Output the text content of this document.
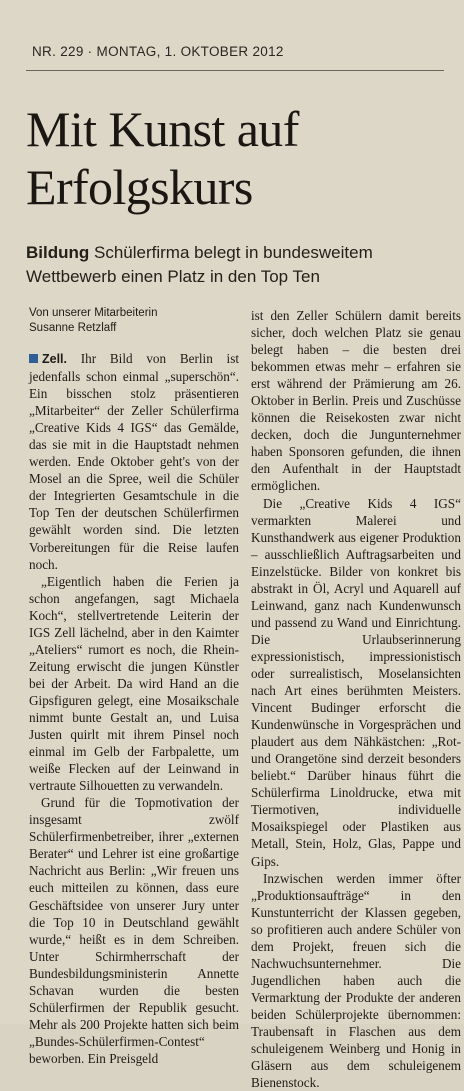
NR. 229 · MONTAG, 1. OKTOBER 2012
Mit Kunst auf
Erfolgskurs

Bildung Schülerfirma belegt in bundesweitem Wettbewerb einen Platz in den Top Ten

Von unserer Mitarbeiterin
Susanne Retzlaff

Zell. Ihr Bild von Berlin ist jedenfalls schon einmal „superschön“. Ein bisschen stolz präsentieren „Mitarbeiter“ der Zeller Schülerfirma „Creative Kids 4 IGS“ das Gemälde, das sie mit in die Hauptstadt nehmen werden. Ende Oktober geht's von der Mosel an die Spree, weil die Schüler der Integrierten Gesamtschule in die Top Ten der deutschen Schülerfirmen gewählt worden sind. Die letzten Vorbereitungen für die Reise laufen noch.

„Eigentlich haben die Ferien ja schon angefangen, sagt Michaela Koch“, stellvertretende Leiterin der IGS Zell lächelnd, aber in den Kaimter „Ateliers“ rumort es noch, die Rhein-Zeitung erwischt die jungen Künstler bei der Arbeit. Da wird Hand an die Gipsfiguren gelegt, eine Mosaikschale nimmt bunte Gestalt an, und Luisa Justen quirlt mit ihrem Pinsel noch einmal im Gelb der Farbpalette, um weiße Flecken auf der Leinwand in vertraute Silhouetten zu verwandeln.

Grund für die Topmotivation der insgesamt zwölf Schülerfirmenbetreiber, ihrer „externen Berater“ und Lehrer ist eine großartige Nachricht aus Berlin: „Wir freuen uns euch mitteilen zu können, dass eure Geschäftsidee von unserer Jury unter die Top 10 in Deutschland gewählt wurde,“ heißt es in dem Schreiben. Unter Schirmherrschaft der Bundesbildungsministerin Annette Schavan wurden die besten Schülerfirmen der Republik gesucht. Mehr als 200 Projekte hatten sich beim „Bundes-Schülerfirmen-Contest“ beworben. Ein Preisgeld

ist den Zeller Schülern damit bereits sicher, doch welchen Platz sie genau belegt haben – die besten drei bekommen etwas mehr – erfahren sie erst während der Prämierung am 26. Oktober in Berlin. Preis und Zuschüsse können die Reisekosten zwar nicht decken, doch die Jungunternehmer haben Sponsoren gefunden, die ihnen den Aufenthalt in der Hauptstadt ermöglichen.

Die „Creative Kids 4 IGS“ vermarkten Malerei und Kunsthandwerk aus eigener Produktion – ausschließlich Auftragsarbeiten und Einzelstücke. Bilder von konkret bis abstrakt in Öl, Acryl und Aquarell auf Leinwand, ganz nach Kundenwunsch und passend zu Wand und Einrichtung. Die Urlaubserinnerung expressionistisch, impressionistisch oder surrealistisch, Moselansichten nach Art eines berühmten Meisters. Vincent Budinger erforscht die Kundenwünsche in Vorgesprächen und plaudert aus dem Nähkästchen: „Rot- und Orangetöne sind derzeit besonders beliebt.“ Darüber hinaus führt die Schülerfirma Linoldrucke, etwa mit Tiermotiven, individuelle Mosaikspiegel oder Plastiken aus Metall, Stein, Holz, Glas, Pappe und Gips.

Inzwischen werden immer öfter „Produktionsaufträge“ in den Kunstunterricht der Klassen gegeben, so profitieren auch andere Schüler von dem Projekt, freuen sich die Nachwuchsunternehmer. Die Jugendlichen haben auch die Vermarktung der Produkte der anderen beiden Schülerprojekte übernommen: Traubensaft in Flaschen aus dem schuleigenem Weinberg und Honig in Gläsern aus dem schuleigenem Bienenstock.
